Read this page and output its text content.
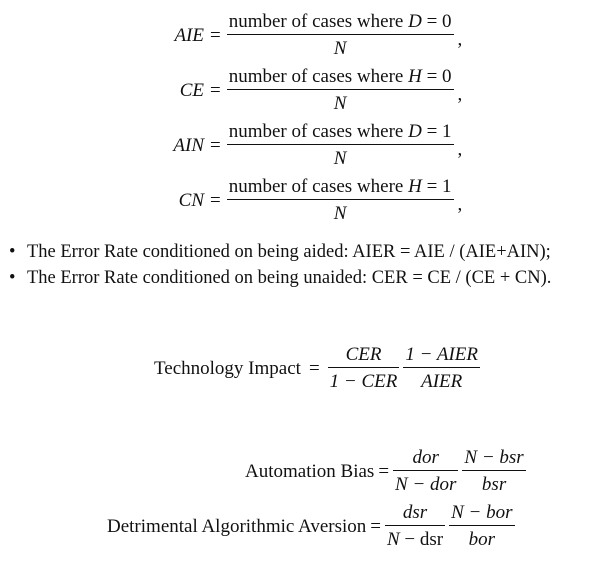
AIE = $\frac{\text{number of cases where D = 0}}{N}$ ,
CE = $\frac{\text{number of cases where H = 0}}{N}$ ,
AIN = $\frac{\text{number of cases where D = 1}}{N}$ ,
CN = $\frac{\text{number of cases where H = 1}}{N}$ ,
• The Error Rate conditioned on being aided: AIER = AIE / (AIE+AIN);
• The Error Rate conditioned on being unaided: CER = CE / (CE + CN).
Technology Impact = $\frac{\text{CER}}{\text{1 − CER}} \frac{\text{1 − AIER}}{\text{AIER}}$
Automation Bias = $\frac{\text{dor}}{\text{N − dor}} \frac{\text{N − bsr}}{\text{bsr}}$
Detrimental Algorithmic Aversion = $\frac{\text{dsr}}{\text{N − dsr}} \frac{\text{N − bor}}{\text{bor}}$
